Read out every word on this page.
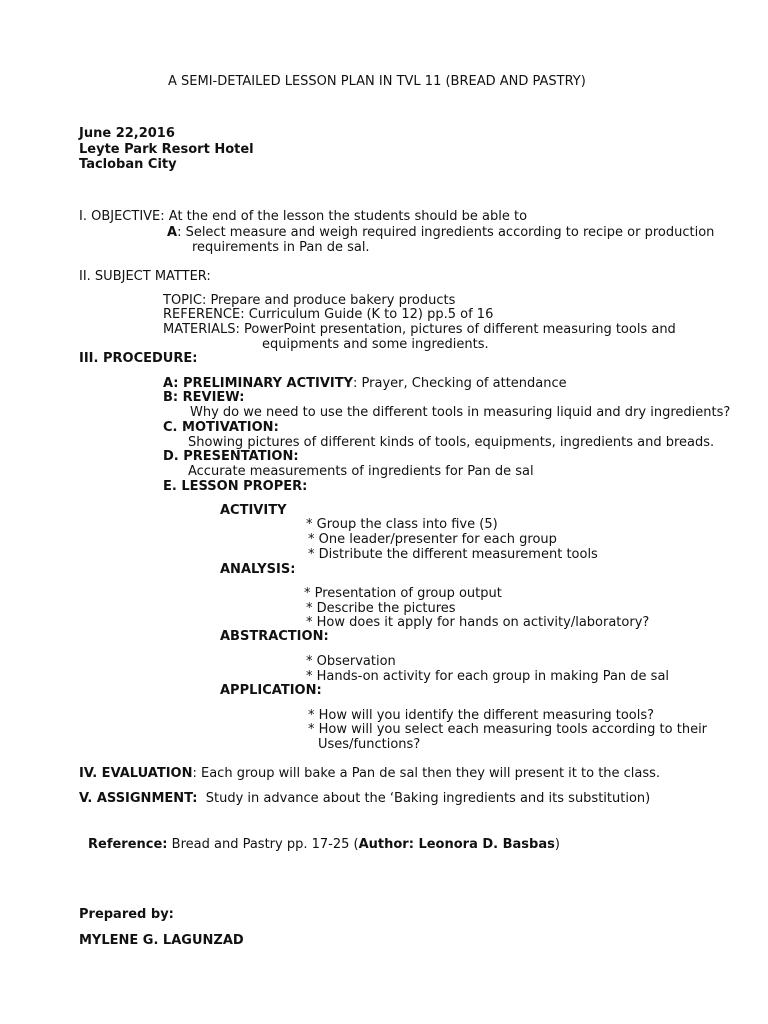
A SEMI-DETAILED LESSON PLAN IN TVL 11 (BREAD AND PASTRY)
June 22,2016
Leyte Park Resort Hotel
Tacloban City
I. OBJECTIVE: At the end of the lesson the students should be able to
A: Select measure and weigh required ingredients according to recipe or production
requirements in Pan de sal.
II. SUBJECT MATTER:
TOPIC: Prepare and produce bakery products
REFERENCE: Curriculum Guide (K to 12) pp.5 of 16
MATERIALS: PowerPoint presentation, pictures of different measuring tools and
equipments and some ingredients.
III. PROCEDURE:
A: PRELIMINARY ACTIVITY: Prayer, Checking of attendance
B: REVIEW:
Why do we need to use the different tools in measuring liquid and dry ingredients?
C. MOTIVATION:
Showing pictures of different kinds of tools, equipments, ingredients and breads.
D. PRESENTATION:
Accurate measurements of ingredients for Pan de sal
E. LESSON PROPER:
ACTIVITY
* Group the class into five (5)
* One leader/presenter for each group
* Distribute the different measurement tools
ANALYSIS:
* Presentation of group output
* Describe the pictures
* How does it apply for hands on activity/laboratory?
ABSTRACTION:
* Observation
* Hands-on activity for each group in making Pan de sal
APPLICATION:
* How will you identify the different measuring tools?
* How will you select each measuring tools according to their
Uses/functions?
IV. EVALUATION: Each group will bake a Pan de sal then they will present it to the class.
V. ASSIGNMENT: Study in advance about the ‘Baking ingredients and its substitution)
Reference: Bread and Pastry pp. 17-25 (Author: Leonora D. Basbas)
Prepared by:
MYLENE G. LAGUNZAD
